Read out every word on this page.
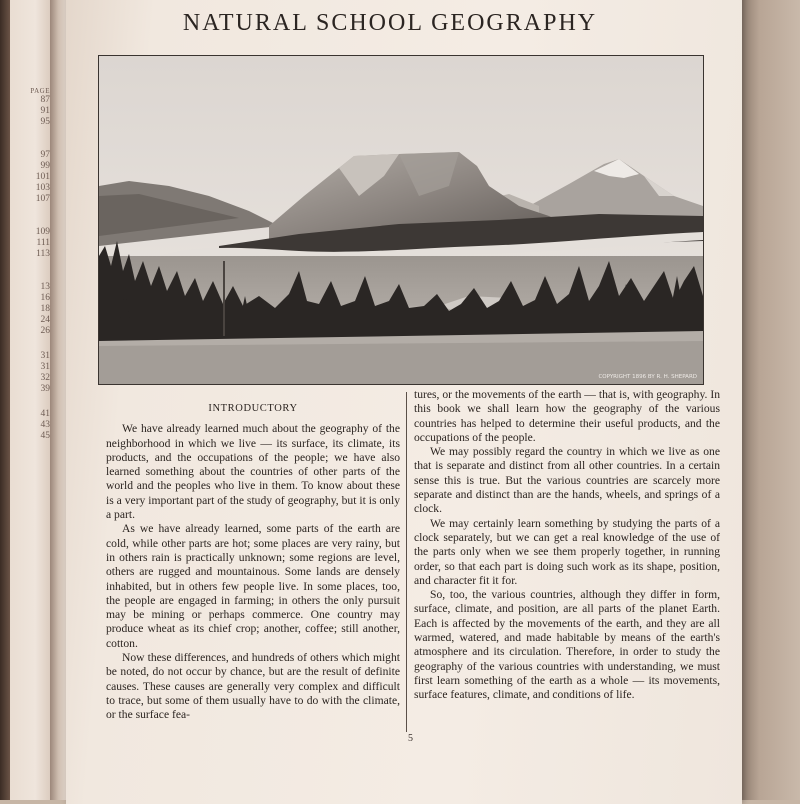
PAGE
87
91
95
97
99
101
103
107
109
111
113
13
16
18
24
26
31
31
32
39
41
43
45
NATURAL SCHOOL GEOGRAPHY
COPYRIGHT 1896 BY R. H. SHEPARD
INTRODUCTORY

We have already learned much about the geography of the neighborhood in which we live — its surface, its climate, its products, and the occupations of the people; we have also learned something about the countries of other parts of the world and the peoples who live in them. To know about these is a very important part of the study of geography, but it is only a part.

As we have already learned, some parts of the earth are cold, while other parts are hot; some places are very rainy, but in others rain is practically unknown; some regions are level, others are rugged and mountainous. Some lands are densely inhabited, but in others few people live. In some places, too, the people are engaged in farming; in others the only pursuit may be mining or perhaps commerce. One country may produce wheat as its chief crop; another, coffee; still another, cotton.

Now these differences, and hundreds of others which might be noted, do not occur by chance, but are the result of definite causes. These causes are generally very complex and difficult to trace, but some of them usually have to do with the climate, or the surface fea-

tures, or the movements of the earth — that is, with geography. In this book we shall learn how the geography of the various countries has helped to determine their useful products, and the occupations of the people.

We may possibly regard the country in which we live as one that is separate and distinct from all other countries. In a certain sense this is true. But the various countries are scarcely more separate and distinct than are the hands, wheels, and springs of a clock.

We may certainly learn something by studying the parts of a clock separately, but we can get a real knowledge of the use of the parts only when we see them properly together, in running order, so that each part is doing such work as its shape, position, and character fit it for.

So, too, the various countries, although they differ in form, surface, climate, and position, are all parts of the planet Earth. Each is affected by the movements of the earth, and they are all warmed, watered, and made habitable by means of the earth's atmosphere and its circulation. Therefore, in order to study the geography of the various countries with understanding, we must first learn something of the earth as a whole — its movements, surface features, climate, and conditions of life.

5
